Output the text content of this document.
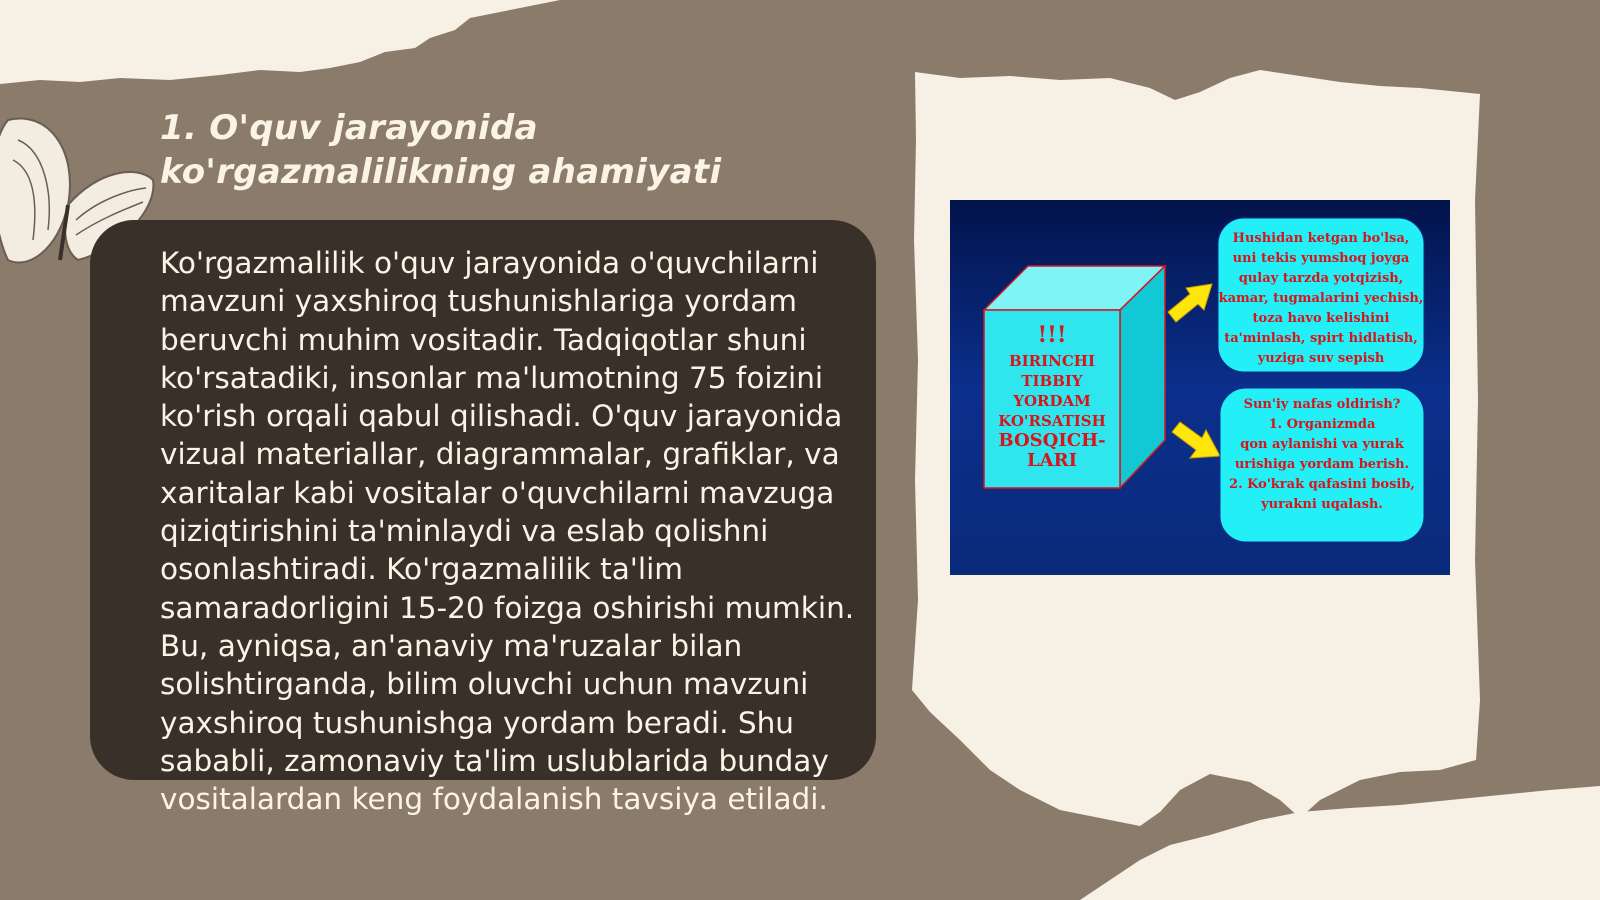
1. O'quv jarayonida ko'rgazmalilikning ahamiyati

Ko'rgazmalilik o'quv jarayonida o'quvchilarni mavzuni yaxshiroq tushunishlariga yordam beruvchi muhim vositadir. Tadqiqotlar shuni ko'rsatadiki, insonlar ma'lumotning 75 foizini ko'rish orqali qabul qilishadi. O'quv jarayonida vizual materiallar, diagrammalar, grafiklar, va xaritalar kabi vositalar o'quvchilarni mavzuga qiziqtirishini ta'minlaydi va eslab qolishni osonlashtiradi. Ko'rgazmalilik ta'lim samaradorligini 15-20 foizga oshirishi mumkin. Bu, ayniqsa, an'anaviy ma'ruzalar bilan solishtirganda, bilim oluvchi uchun mavzuni yaxshiroq tushunishga yordam beradi. Shu sababli, zamonaviy ta'lim uslublarida bunday vositalardan keng foydalanish tavsiya etiladi.

!!!
BIRINCHI
TIBBIY
YORDAM
KO'RSATISH
BOSQICH-
LARI
Hushidan ketgan bo'lsa,
uni tekis yumshoq joyga
qulay tarzda yotqizish,
kamar, tugmalarini yechish,
toza havo kelishini
ta'minlash, spirt hidlatish,
yuziga suv sepish
Sun'iy nafas oldirish?
1. Organizmda
qon aylanishi va yurak
urishiga yordam berish.
2. Ko'krak qafasini bosib,
yurakni uqalash.
